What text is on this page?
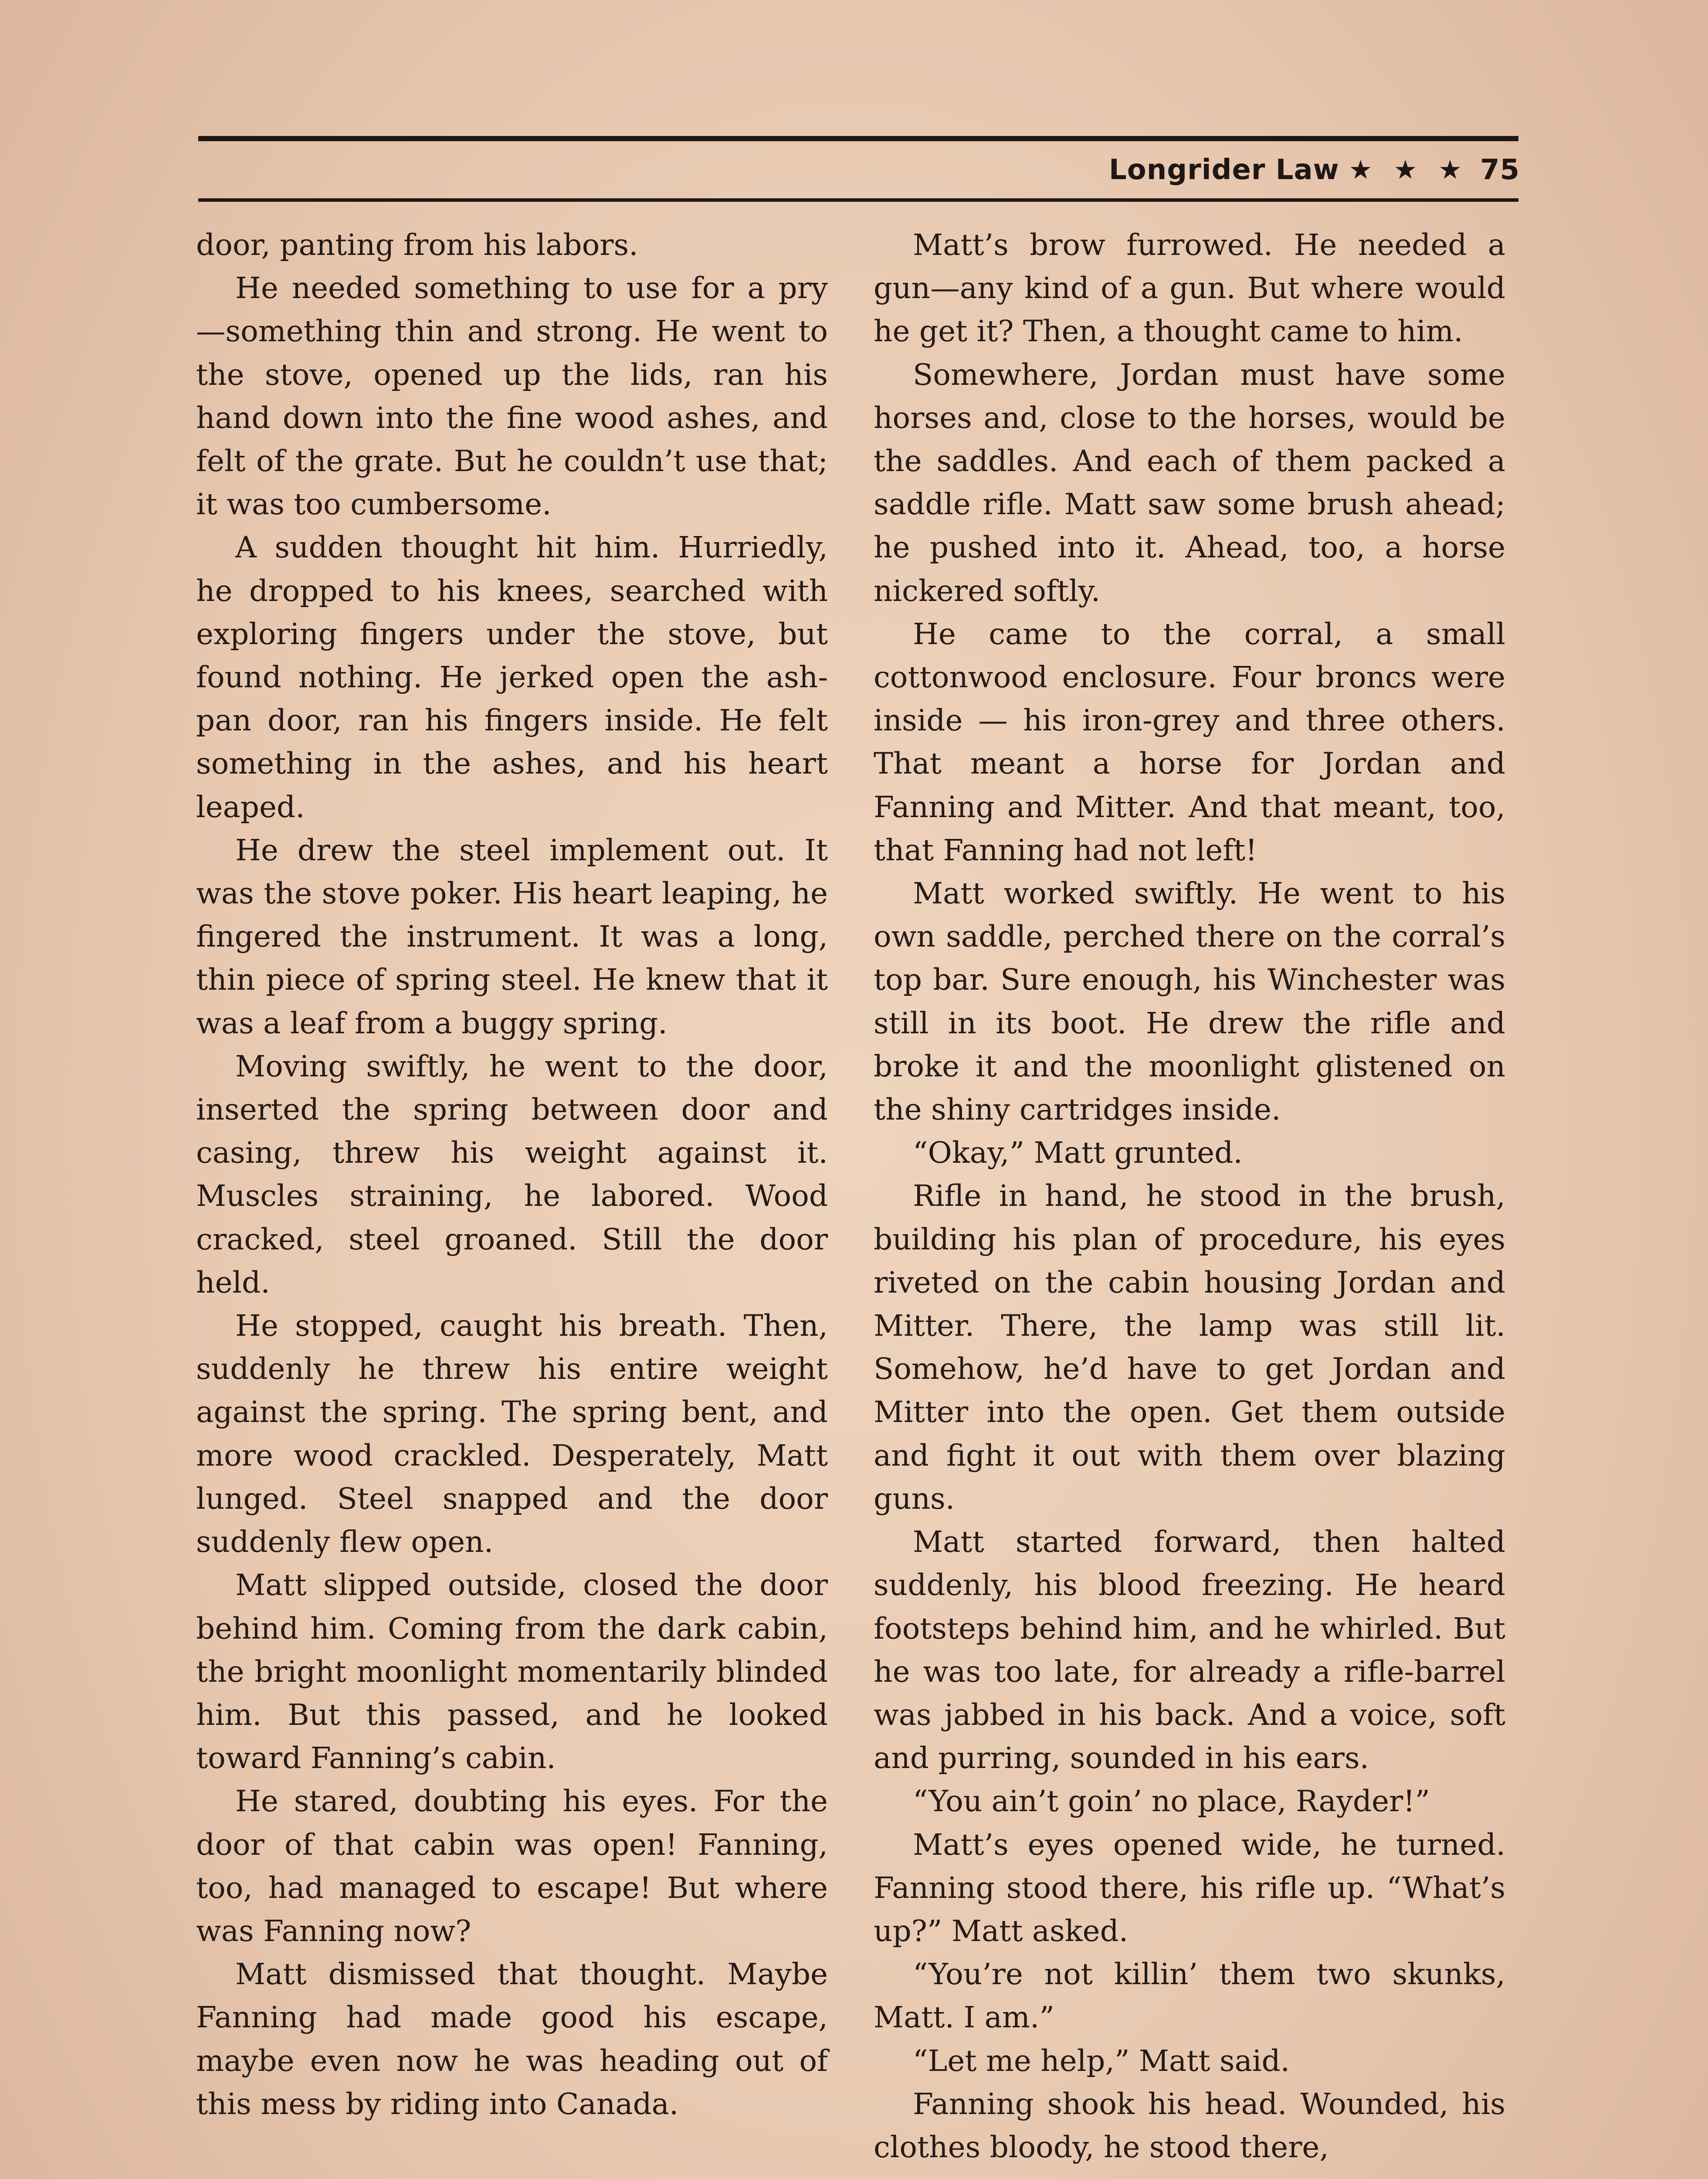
Longrider Law ★ ★ ★ 75

door, panting from his labors.

He needed something to use for a pry—something thin and strong. He went to the stove, opened up the lids, ran his hand down into the fine wood ashes, and felt of the grate. But he couldn’t use that; it was too cumbersome.

A sudden thought hit him. Hurriedly, he dropped to his knees, searched with exploring fingers under the stove, but found nothing. He jerked open the ash-pan door, ran his fingers inside. He felt something in the ashes, and his heart leaped.

He drew the steel implement out. It was the stove poker. His heart leaping, he fingered the instrument. It was a long, thin piece of spring steel. He knew that it was a leaf from a buggy spring.

Moving swiftly, he went to the door, inserted the spring between door and casing, threw his weight against it. Muscles straining, he labored. Wood cracked, steel groaned. Still the door held.

He stopped, caught his breath. Then, suddenly he threw his entire weight against the spring. The spring bent, and more wood crackled. Desperately, Matt lunged. Steel snapped and the door suddenly flew open.

Matt slipped outside, closed the door behind him. Coming from the dark cabin, the bright moonlight momentarily blinded him. But this passed, and he looked toward Fanning’s cabin.

He stared, doubting his eyes. For the door of that cabin was open! Fanning, too, had managed to escape! But where was Fanning now?

Matt dismissed that thought. Maybe Fanning had made good his escape, maybe even now he was heading out of this mess by riding into Canada.

Matt’s brow furrowed. He needed a gun—any kind of a gun. But where would he get it? Then, a thought came to him.

Somewhere, Jordan must have some horses and, close to the horses, would be the saddles. And each of them packed a saddle rifle. Matt saw some brush ahead; he pushed into it. Ahead, too, a horse nickered softly.

He came to the corral, a small cottonwood enclosure. Four broncs were inside — his iron-grey and three others. That meant a horse for Jordan and Fanning and Mitter. And that meant, too, that Fanning had not left!

Matt worked swiftly. He went to his own saddle, perched there on the corral’s top bar. Sure enough, his Winchester was still in its boot. He drew the rifle and broke it and the moonlight glistened on the shiny cartridges inside.

“Okay,” Matt grunted.

Rifle in hand, he stood in the brush, building his plan of procedure, his eyes riveted on the cabin housing Jordan and Mitter. There, the lamp was still lit. Somehow, he’d have to get Jordan and Mitter into the open. Get them outside and fight it out with them over blazing guns.

Matt started forward, then halted suddenly, his blood freezing. He heard footsteps behind him, and he whirled. But he was too late, for already a rifle-barrel was jabbed in his back. And a voice, soft and purring, sounded in his ears.

“You ain’t goin’ no place, Rayder!”

Matt’s eyes opened wide, he turned. Fanning stood there, his rifle up. “What’s up?” Matt asked.

“You’re not killin’ them two skunks, Matt. I am.”

“Let me help,” Matt said.

Fanning shook his head. Wounded, his clothes bloody, he stood there,
